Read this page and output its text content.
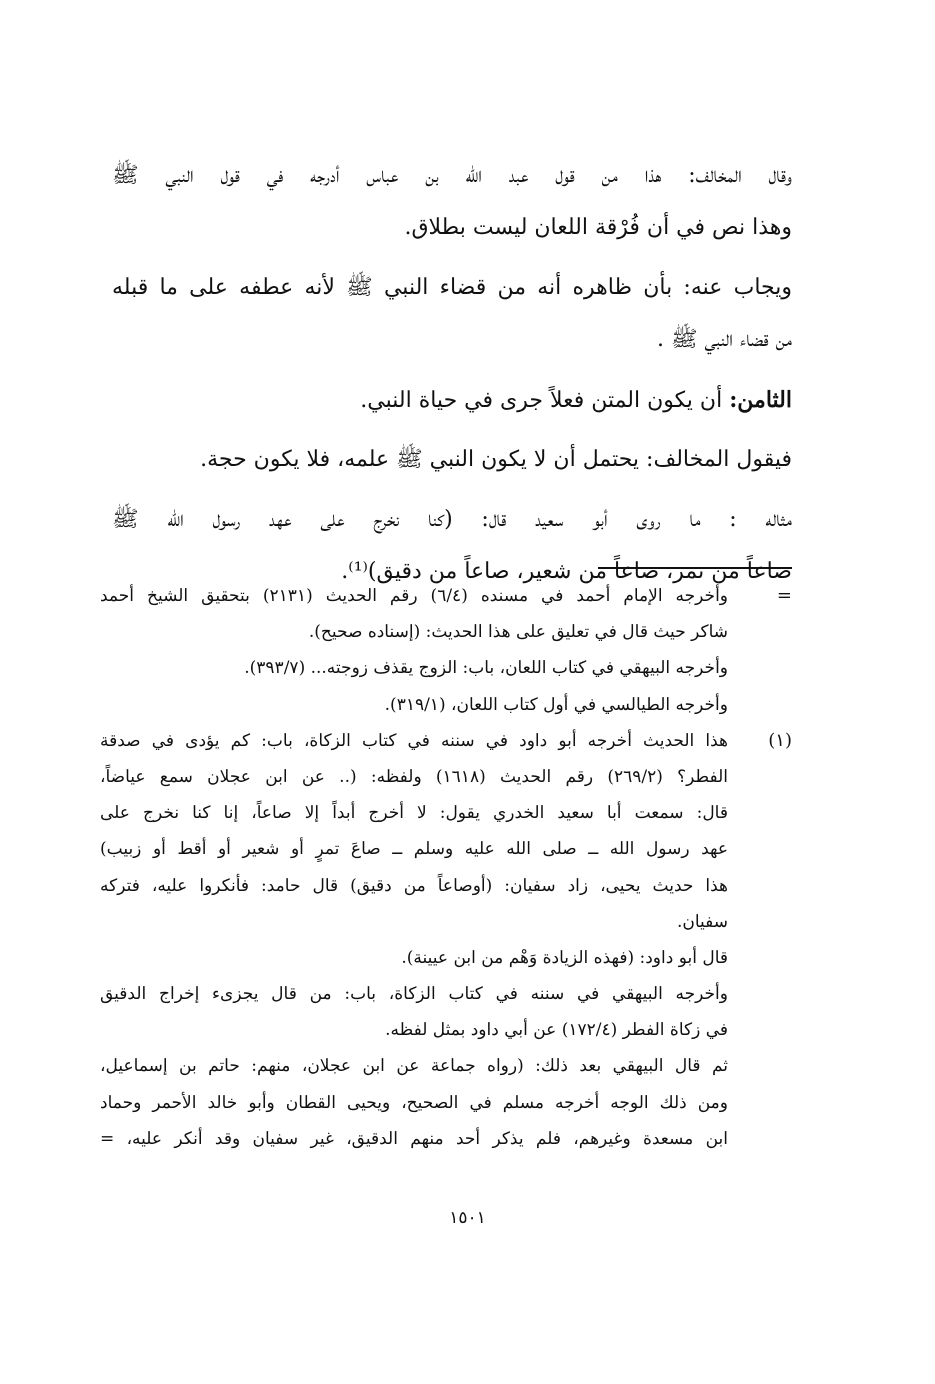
وقال المخالف: هذا من قول عبد الله بن عباس أدرجه في قول النبي ﷺ
وهذا نص في أن فُرْقة اللعان ليست بطلاق.
ويجاب عنه: بأن ظاهره أنه من قضاء النبي ﷺ لأنه عطفه على ما قبله
من قضاء النبي ﷺ .
الثامن: أن يكون المتن فعلاً جرى في حياة النبي.
فيقول المخالف: يحتمل أن لا يكون النبي ﷺ علمه، فلا يكون حجة.
مثاله : ما روى أبو سعيد قال: (كنا نخرج على عهد رسول الله ﷺ
صاعاً من تمر، صاعاً من شعير، صاعاً من دقيق)⁽¹⁾.
=
وأخرجه الإمام أحمد في مسنده (٦/٤) رقم الحديث (٢١٣١) بتحقيق الشيخ أحمد
شاكر حيث قال في تعليق على هذا الحديث: (إسناده صحيح).
وأخرجه البيهقي في كتاب اللعان، باب: الزوج يقذف زوجته... (٣٩٣/٧).
وأخرجه الطيالسي في أول كتاب اللعان، (٣١٩/١).
(١)
هذا الحديث أخرجه أبو داود في سننه في كتاب الزكاة، باب: كم يؤدى في صدقة
الفطر؟ (٢٦٩/٢) رقم الحديث (١٦١٨) ولفظه: (.. عن ابن عجلان سمع عياضاً،
قال: سمعت أبا سعيد الخدري يقول: لا أخرج أبداً إلا صاعاً، إنا كنا نخرج على
عهد رسول الله ــ صلى الله عليه وسلم ــ صاعَ تمرٍ أو شعير أو أقط أو زبيب)
هذا حديث يحيى، زاد سفيان: (أوصاعاً من دقيق) قال حامد: فأنكروا عليه، فتركه
سفيان.
قال أبو داود: (فهذه الزيادة وَهْم من ابن عيينة).
وأخرجه البيهقي في سننه في كتاب الزكاة، باب: من قال يجزىء إخراج الدقيق
في زكاة الفطر (١٧٢/٤) عن أبي داود بمثل لفظه.
ثم قال البيهقي بعد ذلك: (رواه جماعة عن ابن عجلان، منهم: حاتم بن إسماعيل،
ومن ذلك الوجه أخرجه مسلم في الصحيح، ويحيى القطان وأبو خالد الأحمر وحماد
ابن مسعدة وغيرهم، فلم يذكر أحد منهم الدقيق، غير سفيان وقد أنكر عليه، =
١٥٠١
